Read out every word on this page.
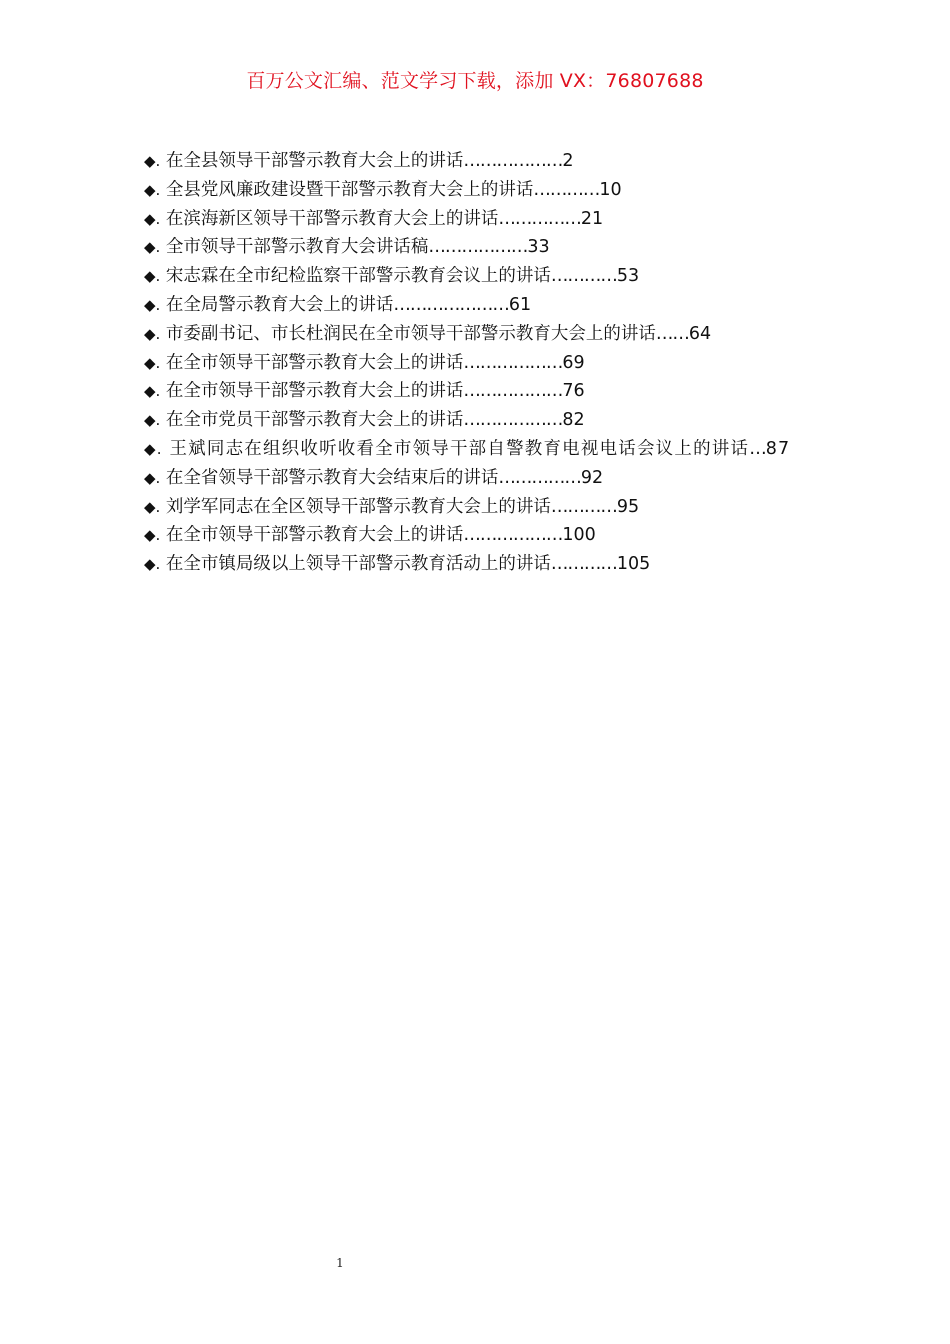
百万公文汇编、范文学习下载，添加 VX：76807688
◆. 在全县领导干部警示教育大会上的讲话………………2
◆. 全县党风廉政建设暨干部警示教育大会上的讲话…………10
◆. 在滨海新区领导干部警示教育大会上的讲话……………21
◆. 全市领导干部警示教育大会讲话稿………………33
◆. 宋志霖在全市纪检监察干部警示教育会议上的讲话…………53
◆. 在全局警示教育大会上的讲话…………………61
◆. 市委副书记、市长杜润民在全市领导干部警示教育大会上的讲话……64
◆. 在全市领导干部警示教育大会上的讲话………………69
◆. 在全市领导干部警示教育大会上的讲话………………76
◆. 在全市党员干部警示教育大会上的讲话………………82
◆. 王斌同志在组织收听收看全市领导干部自警教育电视电话会议上的讲话…87
◆. 在全省领导干部警示教育大会结束后的讲话……………92
◆. 刘学军同志在全区领导干部警示教育大会上的讲话…………95
◆. 在全市领导干部警示教育大会上的讲话………………100
◆. 在全市镇局级以上领导干部警示教育活动上的讲话…………105
1
